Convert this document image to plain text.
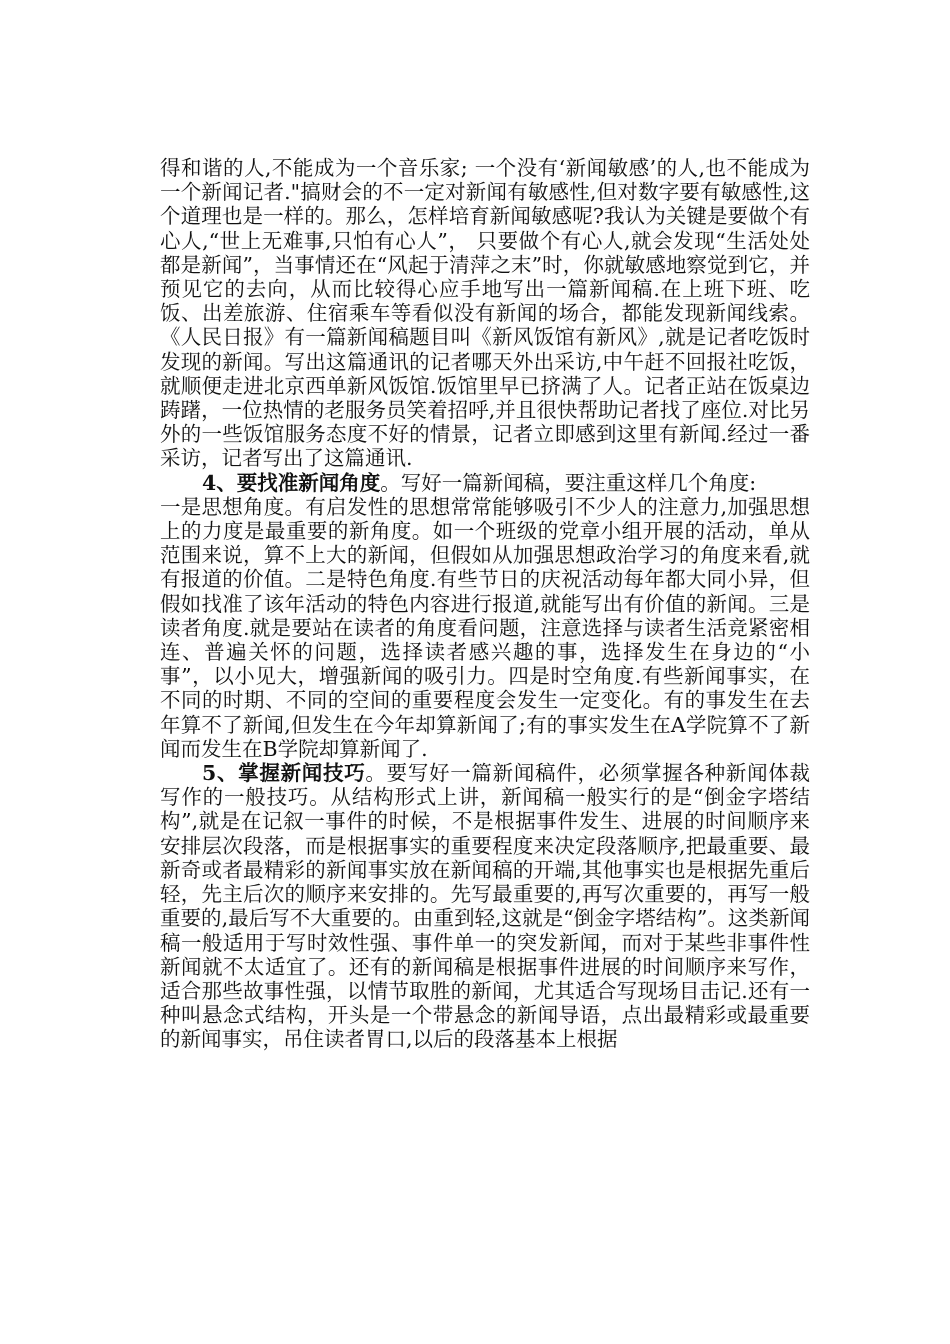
得和谐的人,不能成为一个音乐家; 一个没有‘新闻敏感’的人,也不能成为一个新闻记者."搞财会的不一定对新闻有敏感性,但对数字要有敏感性,这个道理也是一样的。那么，怎样培育新闻敏感呢?我认为关键是要做个有心人,“世上无难事,只怕有心人”， 只要做个有心人,就会发现“生活处处都是新闻”，当事情还在“风起于清萍之末”时，你就敏感地察觉到它，并预见它的去向，从而比较得心应手地写出一篇新闻稿.在上班下班、吃饭、出差旅游、住宿乘车等看似没有新闻的场合，都能发现新闻线索。《人民日报》有一篇新闻稿题目叫《新风饭馆有新风》,就是记者吃饭时发现的新闻。写出这篇通讯的记者哪天外出采访,中午赶不回报社吃饭，就顺便走进北京西单新风饭馆.饭馆里早已挤满了人。记者正站在饭桌边踌躇，一位热情的老服务员笑着招呼,并且很快帮助记者找了座位.对比另外的一些饭馆服务态度不好的情景，记者立即感到这里有新闻.经过一番采访，记者写出了这篇通讯.

4、要找准新闻角度。写好一篇新闻稿，要注重这样几个角度:

一是思想角度。有启发性的思想常常能够吸引不少人的注意力,加强思想上的力度是最重要的新角度。如一个班级的党章小组开展的活动，单从范围来说，算不上大的新闻，但假如从加强思想政治学习的角度来看,就有报道的价值。二是特色角度.有些节日的庆祝活动每年都大同小异，但假如找准了该年活动的特色内容进行报道,就能写出有价值的新闻。三是读者角度.就是要站在读者的角度看问题，注意选择与读者生活竞紧密相连、普遍关怀的问题，选择读者感兴趣的事，选择发生在身边的“小事”，以小见大，增强新闻的吸引力。四是时空角度.有些新闻事实，在不同的时期、不同的空间的重要程度会发生一定变化。有的事发生在去年算不了新闻,但发生在今年却算新闻了;有的事实发生在A学院算不了新闻而发生在B学院却算新闻了.

5、掌握新闻技巧。要写好一篇新闻稿件，必须掌握各种新闻体裁写作的一般技巧。从结构形式上讲，新闻稿一般实行的是“倒金字塔结构”,就是在记叙一事件的时候，不是根据事件发生、进展的时间顺序来安排层次段落，而是根据事实的重要程度来决定段落顺序,把最重要、最新奇或者最精彩的新闻事实放在新闻稿的开端,其他事实也是根据先重后轻，先主后次的顺序来安排的。先写最重要的,再写次重要的，再写一般重要的,最后写不大重要的。由重到轻,这就是“倒金字塔结构”。这类新闻稿一般适用于写时效性强、事件单一的突发新闻，而对于某些非事件性新闻就不太适宜了。还有的新闻稿是根据事件进展的时间顺序来写作，适合那些故事性强，以情节取胜的新闻，尤其适合写现场目击记.还有一种叫悬念式结构，开头是一个带悬念的新闻导语，点出最精彩或最重要的新闻事实，吊住读者胃口,以后的段落基本上根据
